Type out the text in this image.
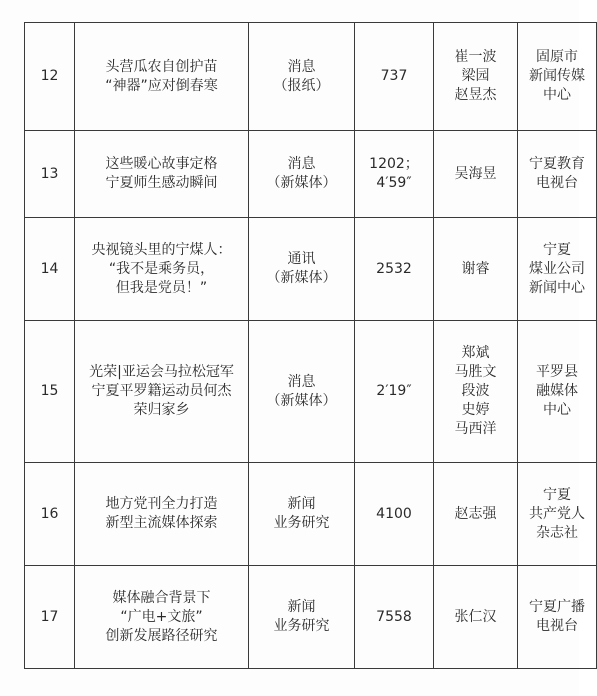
12	头营瓜农自创护苗
“神器”应对倒春寒	消息
（报纸）	737	崔一波
梁园
赵昱杰	固原市
新闻传媒
中心

13	这些暖心故事定格
宁夏师生感动瞬间	消息
（新媒体）	1202；
4′59″	吴海昱	宁夏教育
电视台

14	央视镜头里的宁煤人：
“我不是乘务员，
但我是党员！”	通讯
（新媒体）	2532	谢睿	宁夏
煤业公司
新闻中心

15	光荣|亚运会马拉松冠军
宁夏平罗籍运动员何杰
荣归家乡	消息
（新媒体）	2′19″	郑斌
马胜文
段波
史婷
马西洋	平罗县
融媒体
中心

16	地方党刊全力打造
新型主流媒体探索	新闻
业务研究	4100	赵志强	宁夏
共产党人
杂志社

17	媒体融合背景下
“广电+文旅”
创新发展路径研究	新闻
业务研究	7558	张仁汉	宁夏广播
电视台
